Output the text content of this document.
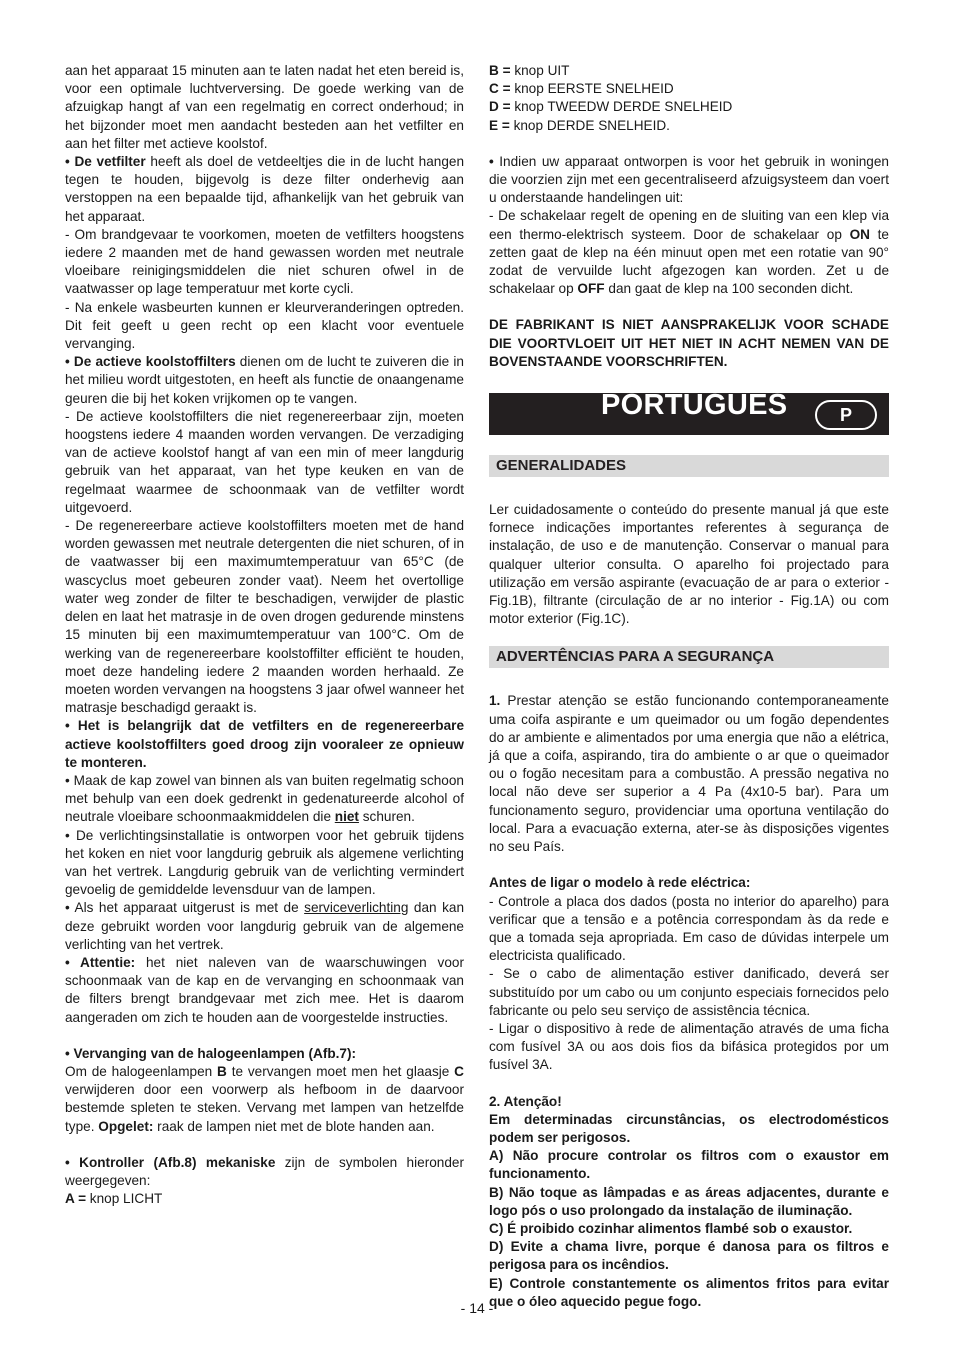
aan het apparaat 15 minuten aan te laten nadat het eten bereid is, voor een optimale luchtverversing. De goede werking van de afzuigkap hangt af van een regelmatig en correct onderhoud; in het bijzonder moet men aandacht besteden aan het vetfilter en aan het filter met actieve koolstof.

• De vetfilter heeft als doel de vetdeeltjes die in de lucht hangen tegen te houden, bijgevolg is deze filter onderhevig aan verstoppen na een bepaalde tijd, afhankelijk van het gebruik van het apparaat.

- Om brandgevaar te voorkomen, moeten de vetfilters hoogstens iedere 2 maanden met de hand gewassen worden met neutrale vloeibare reinigingsmiddelen die niet schuren ofwel in de vaatwasser op lage temperatuur met korte cycli.

- Na enkele wasbeurten kunnen er kleurveranderingen optreden. Dit feit geeft u geen recht op een klacht voor eventuele vervanging.

• De actieve koolstoffilters dienen om de lucht te zuiveren die in het milieu wordt uitgestoten, en heeft als functie de onaangename geuren die bij het koken vrijkomen op te vangen.

- De actieve koolstoffilters die niet regenereerbaar zijn, moeten hoogstens iedere 4 maanden worden vervangen. De verzadiging van de actieve koolstof hangt af van een min of meer langdurig gebruik van het apparaat, van het type keuken en van de regelmaat waarmee de schoonmaak van de vetfilter wordt uitgevoerd.

- De regenereerbare actieve koolstoffilters moeten met de hand worden gewassen met neutrale detergenten die niet schuren, of in de vaatwasser bij een maximumtemperatuur van 65°C (de wascyclus moet gebeuren zonder vaat). Neem het overtollige water weg zonder de filter te beschadigen, verwijder de plastic delen en laat het matrasje in de oven drogen gedurende minstens 15 minuten bij een maximumtemperatuur van 100°C. Om de werking van de regenereerbare koolstoffilter efficiënt te houden, moet deze handeling iedere 2 maanden worden herhaald. Ze moeten worden vervangen na hoogstens 3 jaar ofwel wanneer het matrasje beschadigd geraakt is.

• Het is belangrijk dat de vetfilters en de regenereerbare actieve koolstoffilters goed droog zijn vooraleer ze opnieuw te monteren.

• Maak de kap zowel van binnen als van buiten regelmatig schoon met behulp van een doek gedrenkt in gedenatureerde alcohol of neutrale vloeibare schoonmaakmiddelen die niet schuren.

• De verlichtingsinstallatie is ontworpen voor het gebruik tijdens het koken en niet voor langdurig gebruik als algemene verlichting van het vertrek. Langdurig gebruik van de verlichting vermindert gevoelig de gemiddelde levensduur van de lampen.

• Als het apparaat uitgerust is met de serviceverlichting dan kan deze gebruikt worden voor langdurig gebruik van de algemene verlichting van het vertrek.

• Attentie: het niet naleven van de waarschuwingen voor schoonmaak van de kap en de vervanging en schoonmaak van de filters brengt brandgevaar met zich mee. Het is daarom aangeraden om zich te houden aan de voorgestelde instructies.

• Vervanging van de halogeenlampen (Afb.7):

Om de halogeenlampen B te vervangen moet men het glaasje C verwijderen door een voorwerp als hefboom in de daarvoor bestemde spleten te steken. Vervang met lampen van hetzelfde type. Opgelet: raak de lampen niet met de blote handen aan.

• Kontroller (Afb.8) mekaniske zijn de symbolen hieronder weergegeven:

A = knop LICHT

B = knop UIT

C = knop EERSTE SNELHEID

D = knop TWEEDW DERDE SNELHEID

E = knop DERDE SNELHEID.

• Indien uw apparaat ontworpen is voor het gebruik in woningen die voorzien zijn met een gecentraliseerd afzuigsysteem dan voert u onderstaande handelingen uit:

- De schakelaar regelt de opening en de sluiting van een klep via een thermo-elektrisch systeem. Door de schakelaar op ON te zetten gaat de klep na één minuut open met een rotatie van 90° zodat de vervuilde lucht afgezogen kan worden. Zet u de schakelaar op OFF dan gaat de klep na 100 seconden dicht.

DE FABRIKANT IS NIET AANSPRAKELIJK VOOR SCHADE DIE VOORTVLOEIT UIT HET NIET IN ACHT NEMEN VAN DE BOVENSTAANDE VOORSCHRIFTEN.

PORTUGUÊS	P
GENERALIDADES

Ler cuidadosamente o conteúdo do presente manual já que este fornece indicações importantes referentes à segurança de instalação, de uso e de manutenção. Conservar o manual para qualquer ulterior consulta. O aparelho foi projectado para utilização em versão aspirante (evacuação de ar para o exterior - Fig.1B), filtrante (circulação de ar no interior - Fig.1A) ou com motor exterior (Fig.1C).

ADVERTÊNCIAS PARA A SEGURANÇA

1. Prestar atenção se estão funcionando contemporaneamente uma coifa aspirante e um queimador ou um fogão dependentes do ar ambiente e alimentados por uma energia que não a elétrica, já que a coifa, aspirando, tira do ambiente o ar que o queimador ou o fogão necesitam para a combustão. A pressão negativa no local não deve ser superior a 4 Pa (4x10-5 bar). Para um funcionamento seguro, providenciar uma oportuna ventilação do local. Para a evacuação externa, ater-se às disposições vigentes no seu País.

Antes de ligar o modelo à rede eléctrica:

- Controle a placa dos dados (posta no interior do aparelho) para verificar que a tensão e a potência correspondam às da rede e que a tomada seja apropriada. Em caso de dúvidas interpele um electricista qualificado.

- Se o cabo de alimentação estiver danificado, deverá ser substituído por um cabo ou um conjunto especiais fornecidos pelo fabricante ou pelo seu serviço de assistência técnica.

- Ligar o dispositivo à rede de alimentação através de uma ficha com fusível 3A ou aos dois fios da bifásica protegidos por um fusível 3A.

2. Atenção!

Em determinadas circunstâncias, os electrodomésticos podem ser perigosos.

A) Não procure controlar os filtros com o exaustor em funcionamento.

B) Não toque as lâmpadas e as áreas adjacentes, durante e logo pós o uso prolongado da instalação de iluminação.

C) É proibido cozinhar alimentos flambé sob o exaustor.

D) Evite a chama livre, porque é danosa para os filtros e perigosa para os incêndios.

E) Controle constantemente os alimentos fritos para evitar que o óleo aquecido pegue fogo.

- 14 -
